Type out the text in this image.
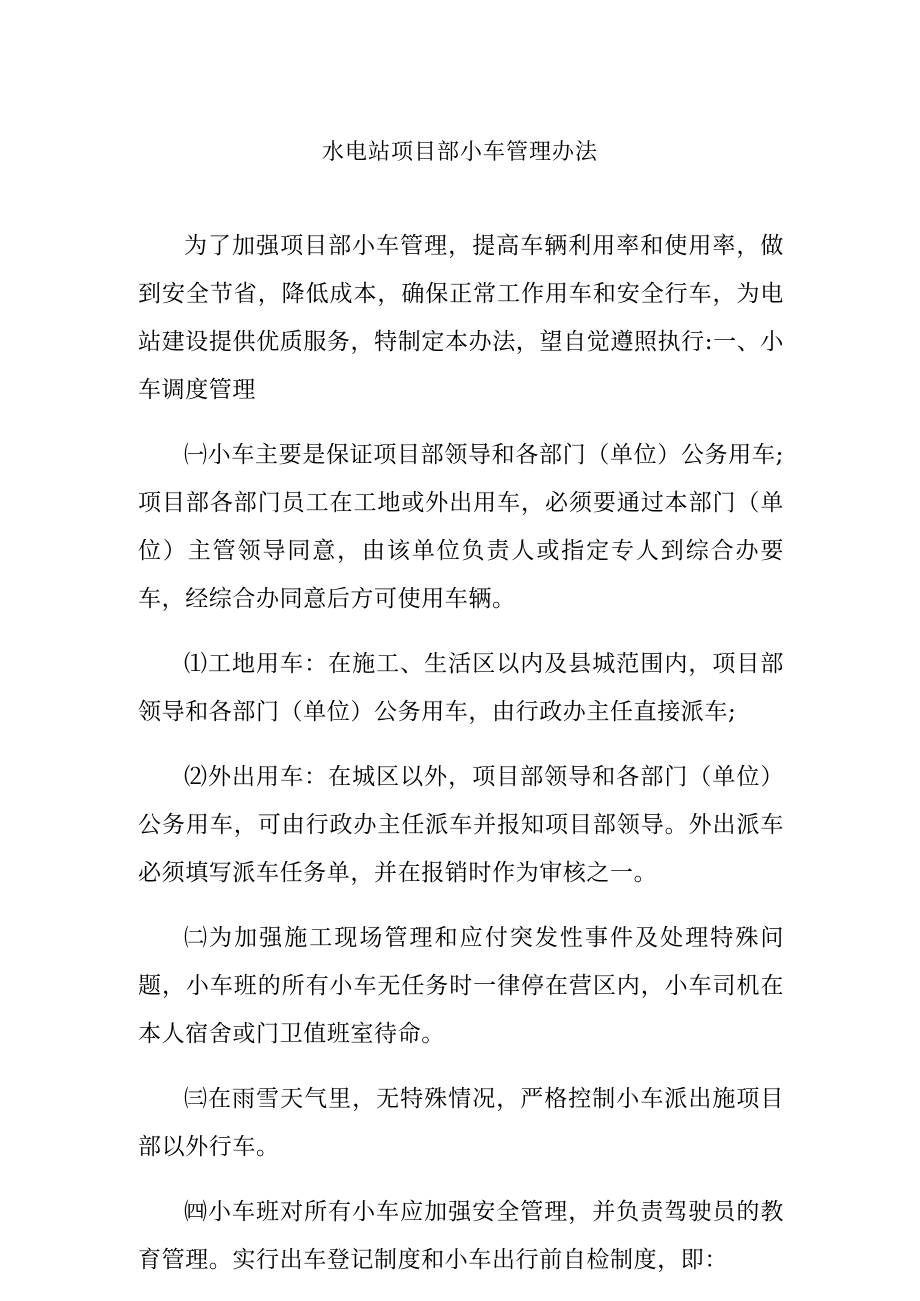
水电站项目部小车管理办法

为了加强项目部小车管理，提高车辆利用率和使用率，做到安全节省，降低成本，确保正常工作用车和安全行车，为电站建设提供优质服务，特制定本办法，望自觉遵照执行:一、小车调度管理

㈠小车主要是保证项目部领导和各部门（单位）公务用车;项目部各部门员工在工地或外出用车，必须要通过本部门（单位）主管领导同意，由该单位负责人或指定专人到综合办要车，经综合办同意后方可使用车辆。

⑴工地用车：在施工、生活区以内及县城范围内，项目部领导和各部门（单位）公务用车，由行政办主任直接派车;

⑵外出用车：在城区以外，项目部领导和各部门（单位）公务用车，可由行政办主任派车并报知项目部领导。外出派车必须填写派车任务单，并在报销时作为审核之一。

㈡为加强施工现场管理和应付突发性事件及处理特殊问题，小车班的所有小车无任务时一律停在营区内，小车司机在本人宿舍或门卫值班室待命。

㈢在雨雪天气里，无特殊情况，严格控制小车派出施项目部以外行车。

㈣小车班对所有小车应加强安全管理，并负责驾驶员的教育管理。实行出车登记制度和小车出行前自检制度，即：
